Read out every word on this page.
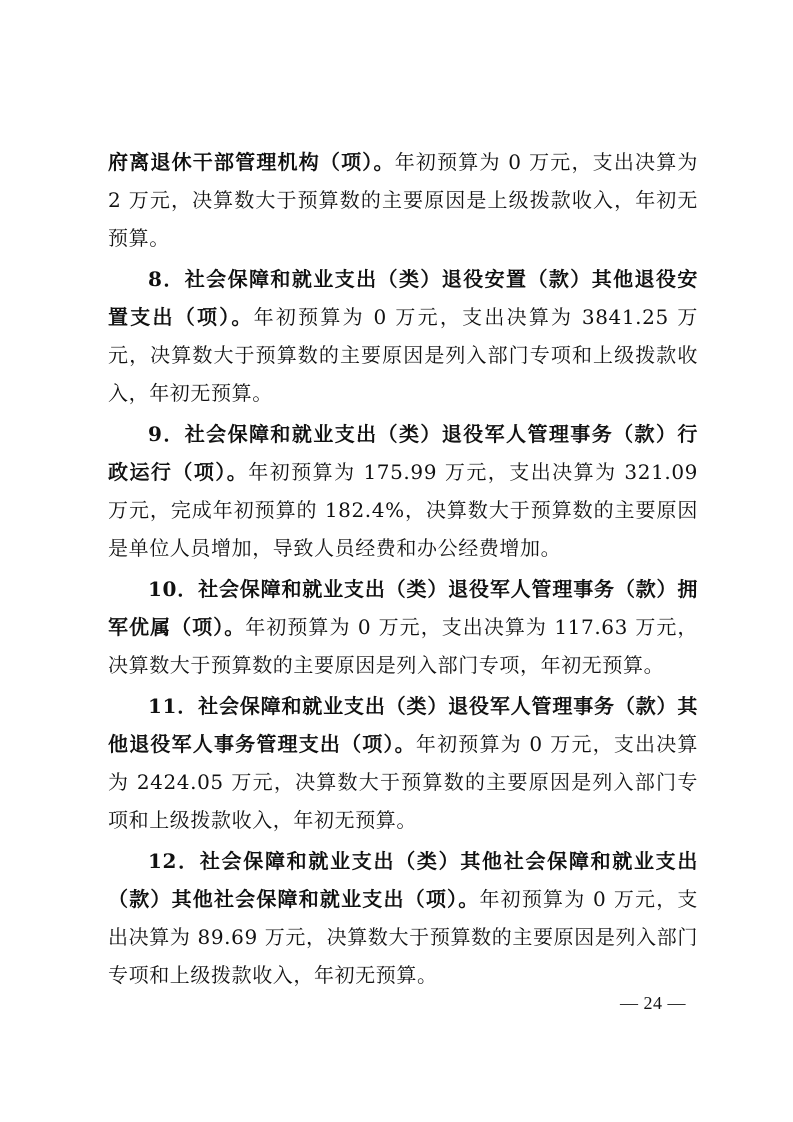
府离退休干部管理机构（项）。年初预算为 0 万元，支出决算为 2 万元，决算数大于预算数的主要原因是上级拨款收入，年初无预算。

8．社会保障和就业支出（类）退役安置（款）其他退役安置支出（项）。年初预算为 0 万元，支出决算为 3841.25 万元，决算数大于预算数的主要原因是列入部门专项和上级拨款收入，年初无预算。

9．社会保障和就业支出（类）退役军人管理事务（款）行政运行（项）。年初预算为 175.99 万元，支出决算为 321.09 万元，完成年初预算的 182.4%，决算数大于预算数的主要原因是单位人员增加，导致人员经费和办公经费增加。

10．社会保障和就业支出（类）退役军人管理事务（款）拥军优属（项）。年初预算为 0 万元，支出决算为 117.63 万元，决算数大于预算数的主要原因是列入部门专项，年初无预算。

11．社会保障和就业支出（类）退役军人管理事务（款）其他退役军人事务管理支出（项）。年初预算为 0 万元，支出决算为 2424.05 万元，决算数大于预算数的主要原因是列入部门专项和上级拨款收入，年初无预算。

12．社会保障和就业支出（类）其他社会保障和就业支出（款）其他社会保障和就业支出（项）。年初预算为 0 万元，支出决算为 89.69 万元，决算数大于预算数的主要原因是列入部门专项和上级拨款收入，年初无预算。

— 24 —
